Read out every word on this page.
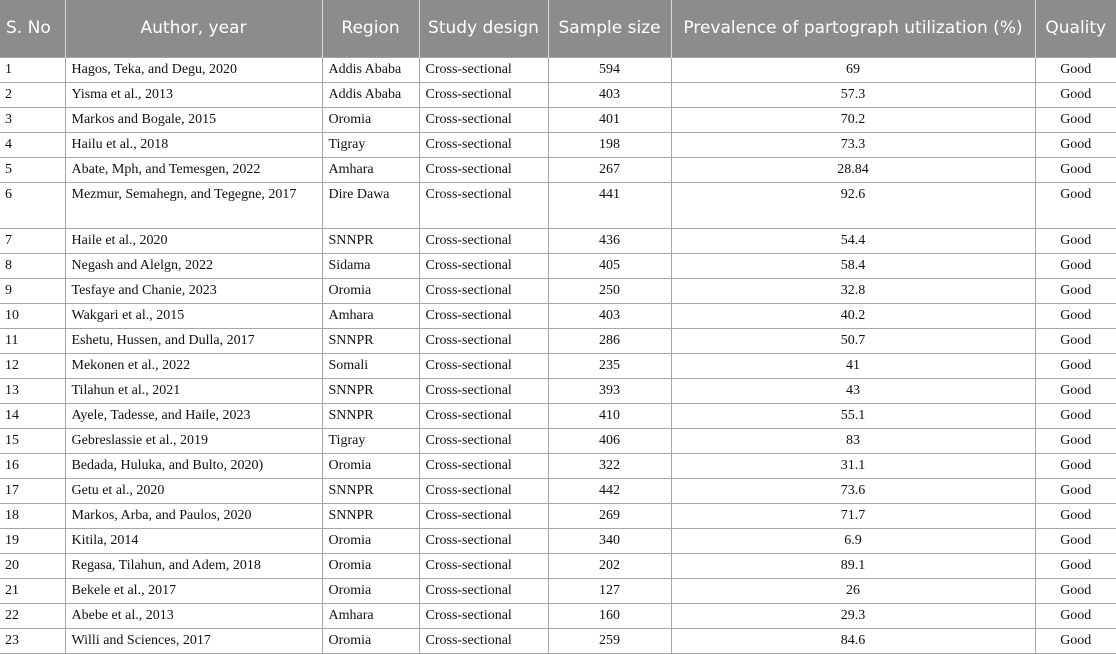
S. No	Author, year	Region	Study design	Sample size	Prevalence of partograph utilization (%)	Quality
1	Hagos, Teka, and Degu, 2020	Addis Ababa	Cross-sectional	594	69	Good
2	Yisma et al., 2013	Addis Ababa	Cross-sectional	403	57.3	Good
3	Markos and Bogale, 2015	Oromia	Cross-sectional	401	70.2	Good
4	Hailu et al., 2018	Tigray	Cross-sectional	198	73.3	Good
5	Abate, Mph, and Temesgen, 2022	Amhara	Cross-sectional	267	28.84	Good
6	Mezmur, Semahegn, and Tegegne, 2017	Dire Dawa	Cross-sectional	441	92.6	Good
7	Haile et al., 2020	SNNPR	Cross-sectional	436	54.4	Good
8	Negash and Alelgn, 2022	Sidama	Cross-sectional	405	58.4	Good
9	Tesfaye and Chanie, 2023	Oromia	Cross-sectional	250	32.8	Good
10	Wakgari et al., 2015	Amhara	Cross-sectional	403	40.2	Good
11	Eshetu, Hussen, and Dulla, 2017	SNNPR	Cross-sectional	286	50.7	Good
12	Mekonen et al., 2022	Somali	Cross-sectional	235	41	Good
13	Tilahun et al., 2021	SNNPR	Cross-sectional	393	43	Good
14	Ayele, Tadesse, and Haile, 2023	SNNPR	Cross-sectional	410	55.1	Good
15	Gebreslassie et al., 2019	Tigray	Cross-sectional	406	83	Good
16	Bedada, Huluka, and Bulto, 2020)	Oromia	Cross-sectional	322	31.1	Good
17	Getu et al., 2020	SNNPR	Cross-sectional	442	73.6	Good
18	Markos, Arba, and Paulos, 2020	SNNPR	Cross-sectional	269	71.7	Good
19	Kitila, 2014	Oromia	Cross-sectional	340	6.9	Good
20	Regasa, Tilahun, and Adem, 2018	Oromia	Cross-sectional	202	89.1	Good
21	Bekele et al., 2017	Oromia	Cross-sectional	127	26	Good
22	Abebe et al., 2013	Amhara	Cross-sectional	160	29.3	Good
23	Willi and Sciences, 2017	Oromia	Cross-sectional	259	84.6	Good
